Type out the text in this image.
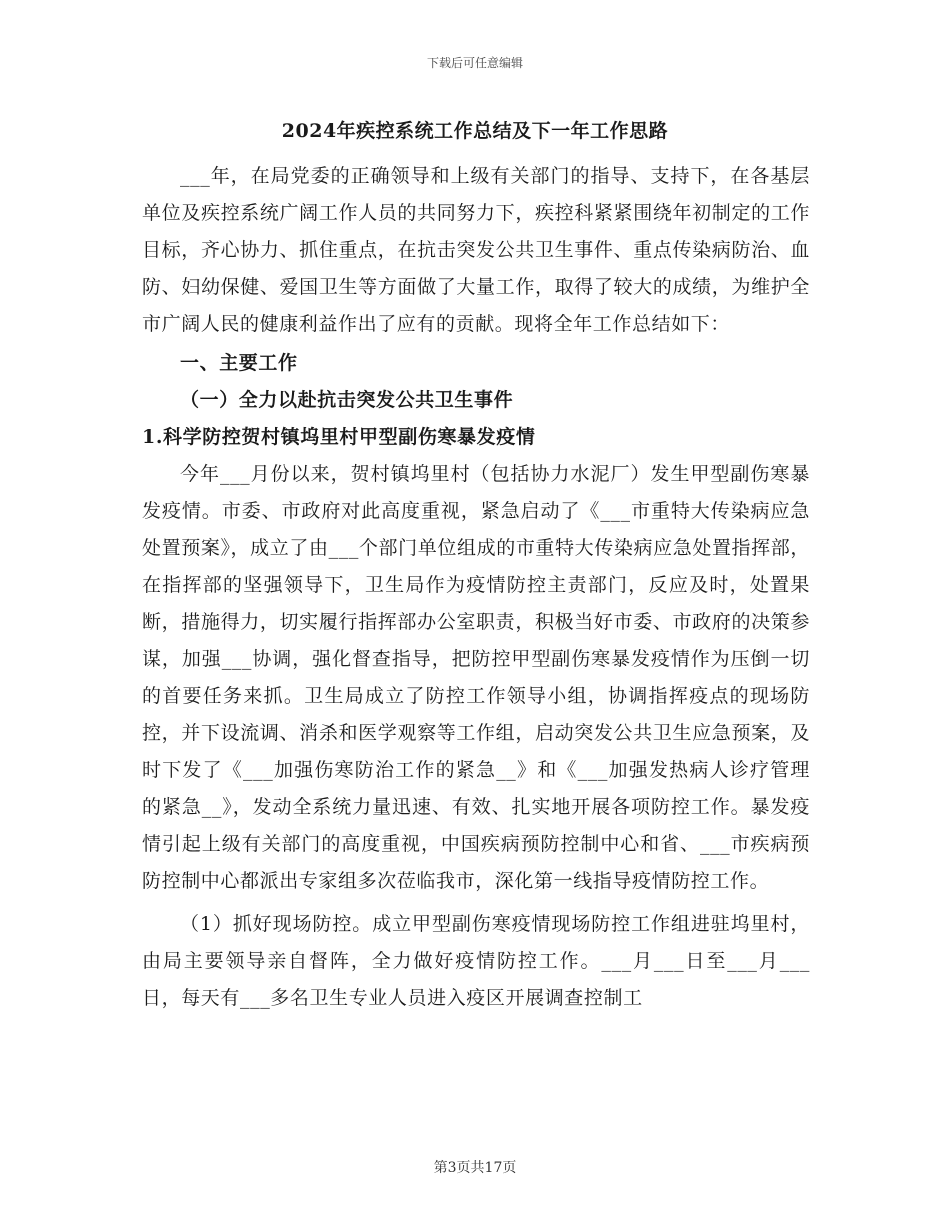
下载后可任意编辑
2024年疾控系统工作总结及下一年工作思路

___年，在局党委的正确领导和上级有关部门的指导、支持下，在各基层单位及疾控系统广阔工作人员的共同努力下，疾控科紧紧围绕年初制定的工作目标，齐心协力、抓住重点，在抗击突发公共卫生事件、重点传染病防治、血防、妇幼保健、爱国卫生等方面做了大量工作，取得了较大的成绩，为维护全市广阔人民的健康利益作出了应有的贡献。现将全年工作总结如下：

一、主要工作

（一）全力以赴抗击突发公共卫生事件

1.科学防控贺村镇坞里村甲型副伤寒暴发疫情

今年___月份以来，贺村镇坞里村（包括协力水泥厂）发生甲型副伤寒暴发疫情。市委、市政府对此高度重视，紧急启动了《___市重特大传染病应急处置预案》，成立了由___个部门单位组成的市重特大传染病应急处置指挥部，在指挥部的坚强领导下，卫生局作为疫情防控主责部门，反应及时，处置果断，措施得力，切实履行指挥部办公室职责，积极当好市委、市政府的决策参谋，加强___协调，强化督查指导，把防控甲型副伤寒暴发疫情作为压倒一切的首要任务来抓。卫生局成立了防控工作领导小组，协调指挥疫点的现场防控，并下设流调、消杀和医学观察等工作组，启动突发公共卫生应急预案，及时下发了《___加强伤寒防治工作的紧急__》和《___加强发热病人诊疗管理的紧急__》，发动全系统力量迅速、有效、扎实地开展各项防控工作。暴发疫情引起上级有关部门的高度重视，中国疾病预防控制中心和省、___市疾病预防控制中心都派出专家组多次莅临我市，深化第一线指导疫情防控工作。

（1）抓好现场防控。成立甲型副伤寒疫情现场防控工作组进驻坞里村，由局主要领导亲自督阵，全力做好疫情防控工作。___月___日至___月___日，每天有___多名卫生专业人员进入疫区开展调查控制工

第3页共17页
